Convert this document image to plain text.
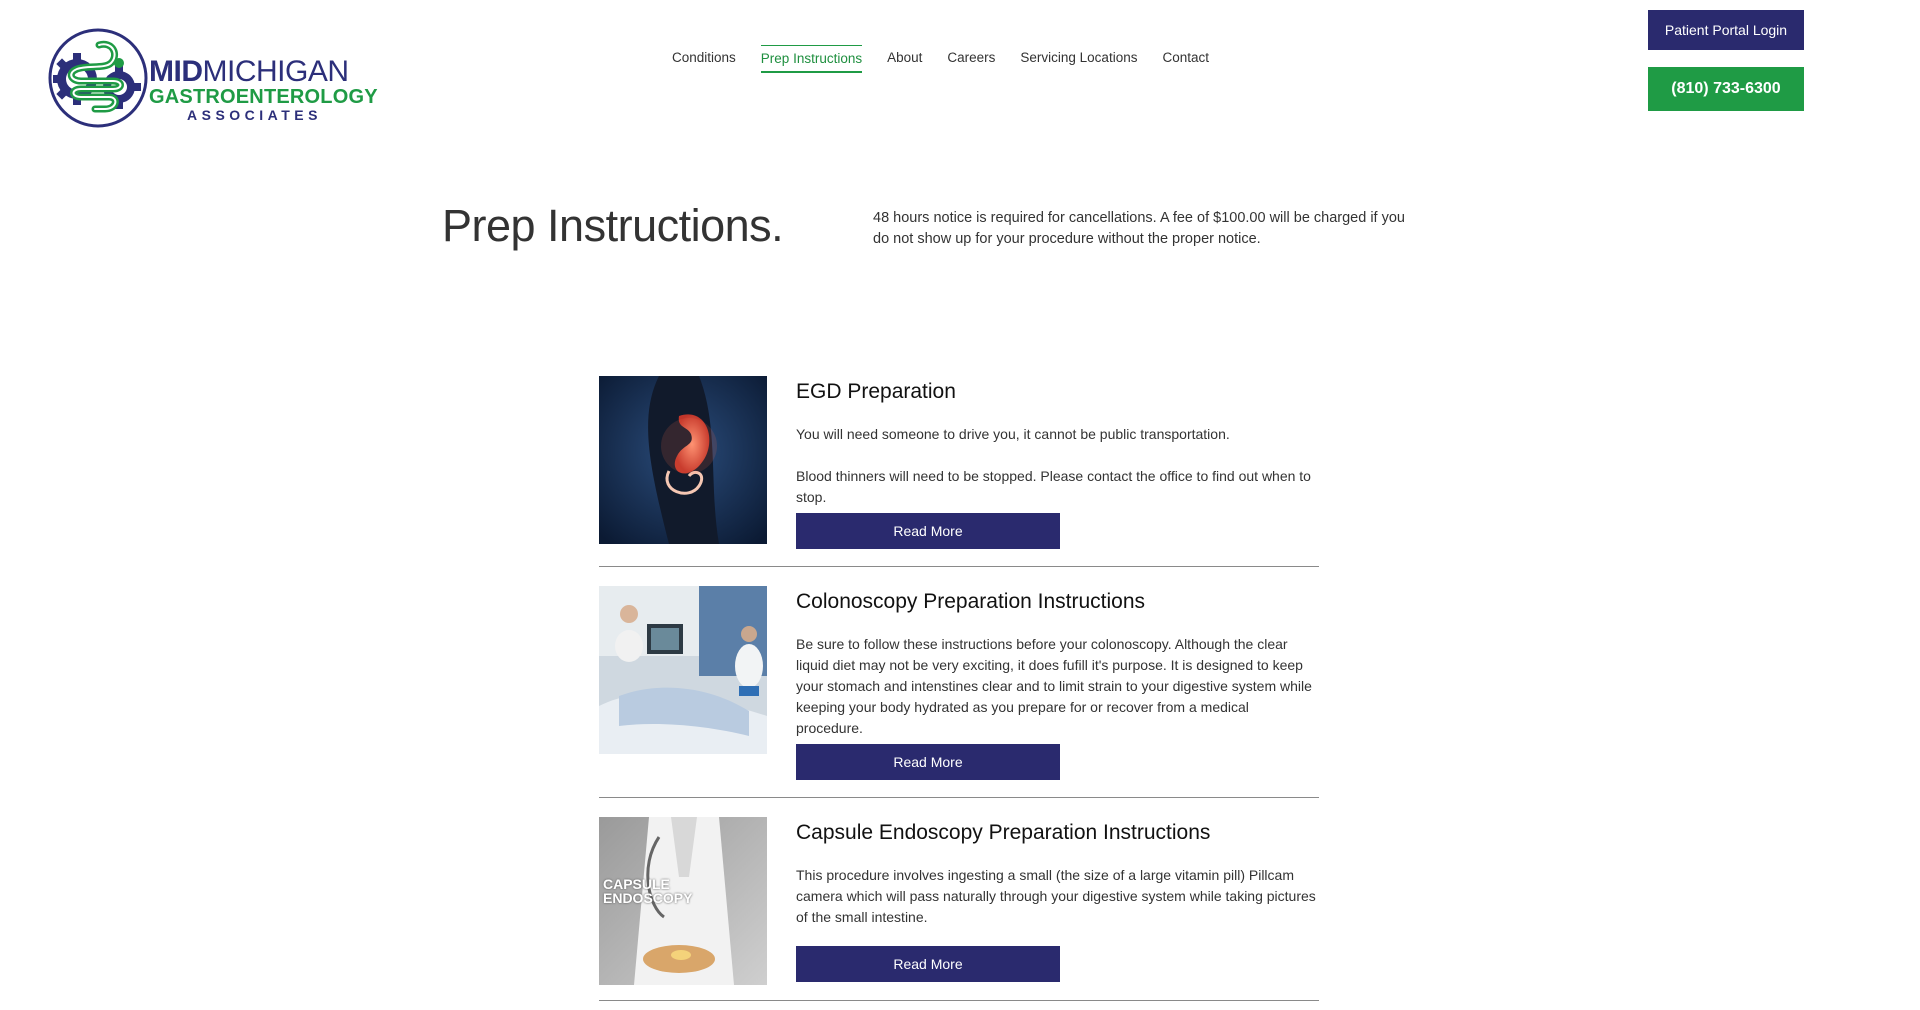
MIDMICHIGAN
GASTROENTEROLOGY
ASSOCIATES
Conditions Prep Instructions About Careers Servicing Locations Contact
Patient Portal Login
(810) 733-6300
Prep Instructions.	48 hours notice is required for cancellations. A fee of $100.00 will be charged if you do not show up for your procedure without the proper notice.

EGD Preparation

You will need someone to drive you, it cannot be public transportation.

Blood thinners will need to be stopped. Please contact the office to find out when to stop.

Read More
Colonoscopy Preparation Instructions

Be sure to follow these instructions before your colonoscopy. Although the clear liquid diet may not be very exciting, it does fufill it's purpose. It is designed to keep your stomach and intenstines clear and to limit strain to your digestive system while keeping your body hydrated as you prepare for or recover from a medical procedure.

Read More
CAPSULE
ENDOSCOPY
Capsule Endoscopy Preparation Instructions

This procedure involves ingesting a small (the size of a large vitamin pill) Pillcam camera which will pass naturally through your digestive system while taking pictures of the small intestine.

Read More
